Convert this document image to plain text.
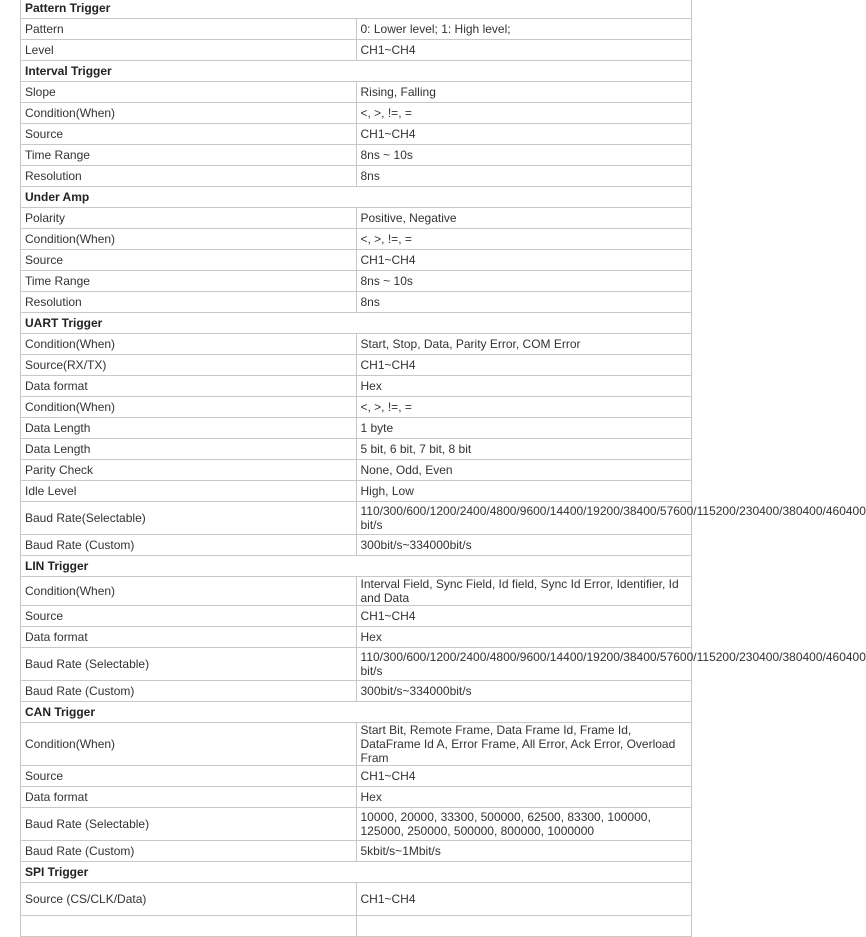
Pattern Trigger	
Pattern	0: Lower level; 1: High level;
Level	CH1~CH4
Interval Trigger	
Slope	Rising, Falling
Condition(When)	<, >, !=, =
Source	CH1~CH4
Time Range	8ns ~ 10s
Resolution	8ns
Under Amp	
Polarity	Positive, Negative
Condition(When)	<, >, !=, =
Source	CH1~CH4
Time Range	8ns ~ 10s
Resolution	8ns
UART Trigger	
Condition(When)	Start, Stop, Data, Parity Error, COM Error
Source(RX/TX)	CH1~CH4
Data format	Hex
Condition(When)	<, >, !=, =
Data Length	1 byte
Data Length	5 bit, 6 bit, 7 bit, 8 bit
Parity Check	None, Odd, Even
Idle Level	High, Low
Baud Rate(Selectable)	110/300/600/1200/2400/4800/9600/14400/19200/38400/57600/115200/230400/380400/460400 bit/s
Baud Rate (Custom)	300bit/s~334000bit/s
LIN Trigger	
Condition(When)	Interval Field, Sync Field, Id field, Sync Id Error, Identifier, Id and Data
Source	CH1~CH4
Data format	Hex
Baud Rate (Selectable)	110/300/600/1200/2400/4800/9600/14400/19200/38400/57600/115200/230400/380400/460400 bit/s
Baud Rate (Custom)	300bit/s~334000bit/s
CAN Trigger	
Condition(When)	Start Bit, Remote Frame, Data Frame Id, Frame Id, DataFrame Id A, Error Frame, All Error, Ack Error, Overload Fram
Source	CH1~CH4
Data format	Hex
Baud Rate (Selectable)	10000, 20000, 33300, 500000, 62500, 83300, 100000, 125000, 250000, 500000, 800000, 1000000
Baud Rate (Custom)	5kbit/s~1Mbit/s
SPI Trigger	
Source (CS/CLK/Data)	CH1~CH4
